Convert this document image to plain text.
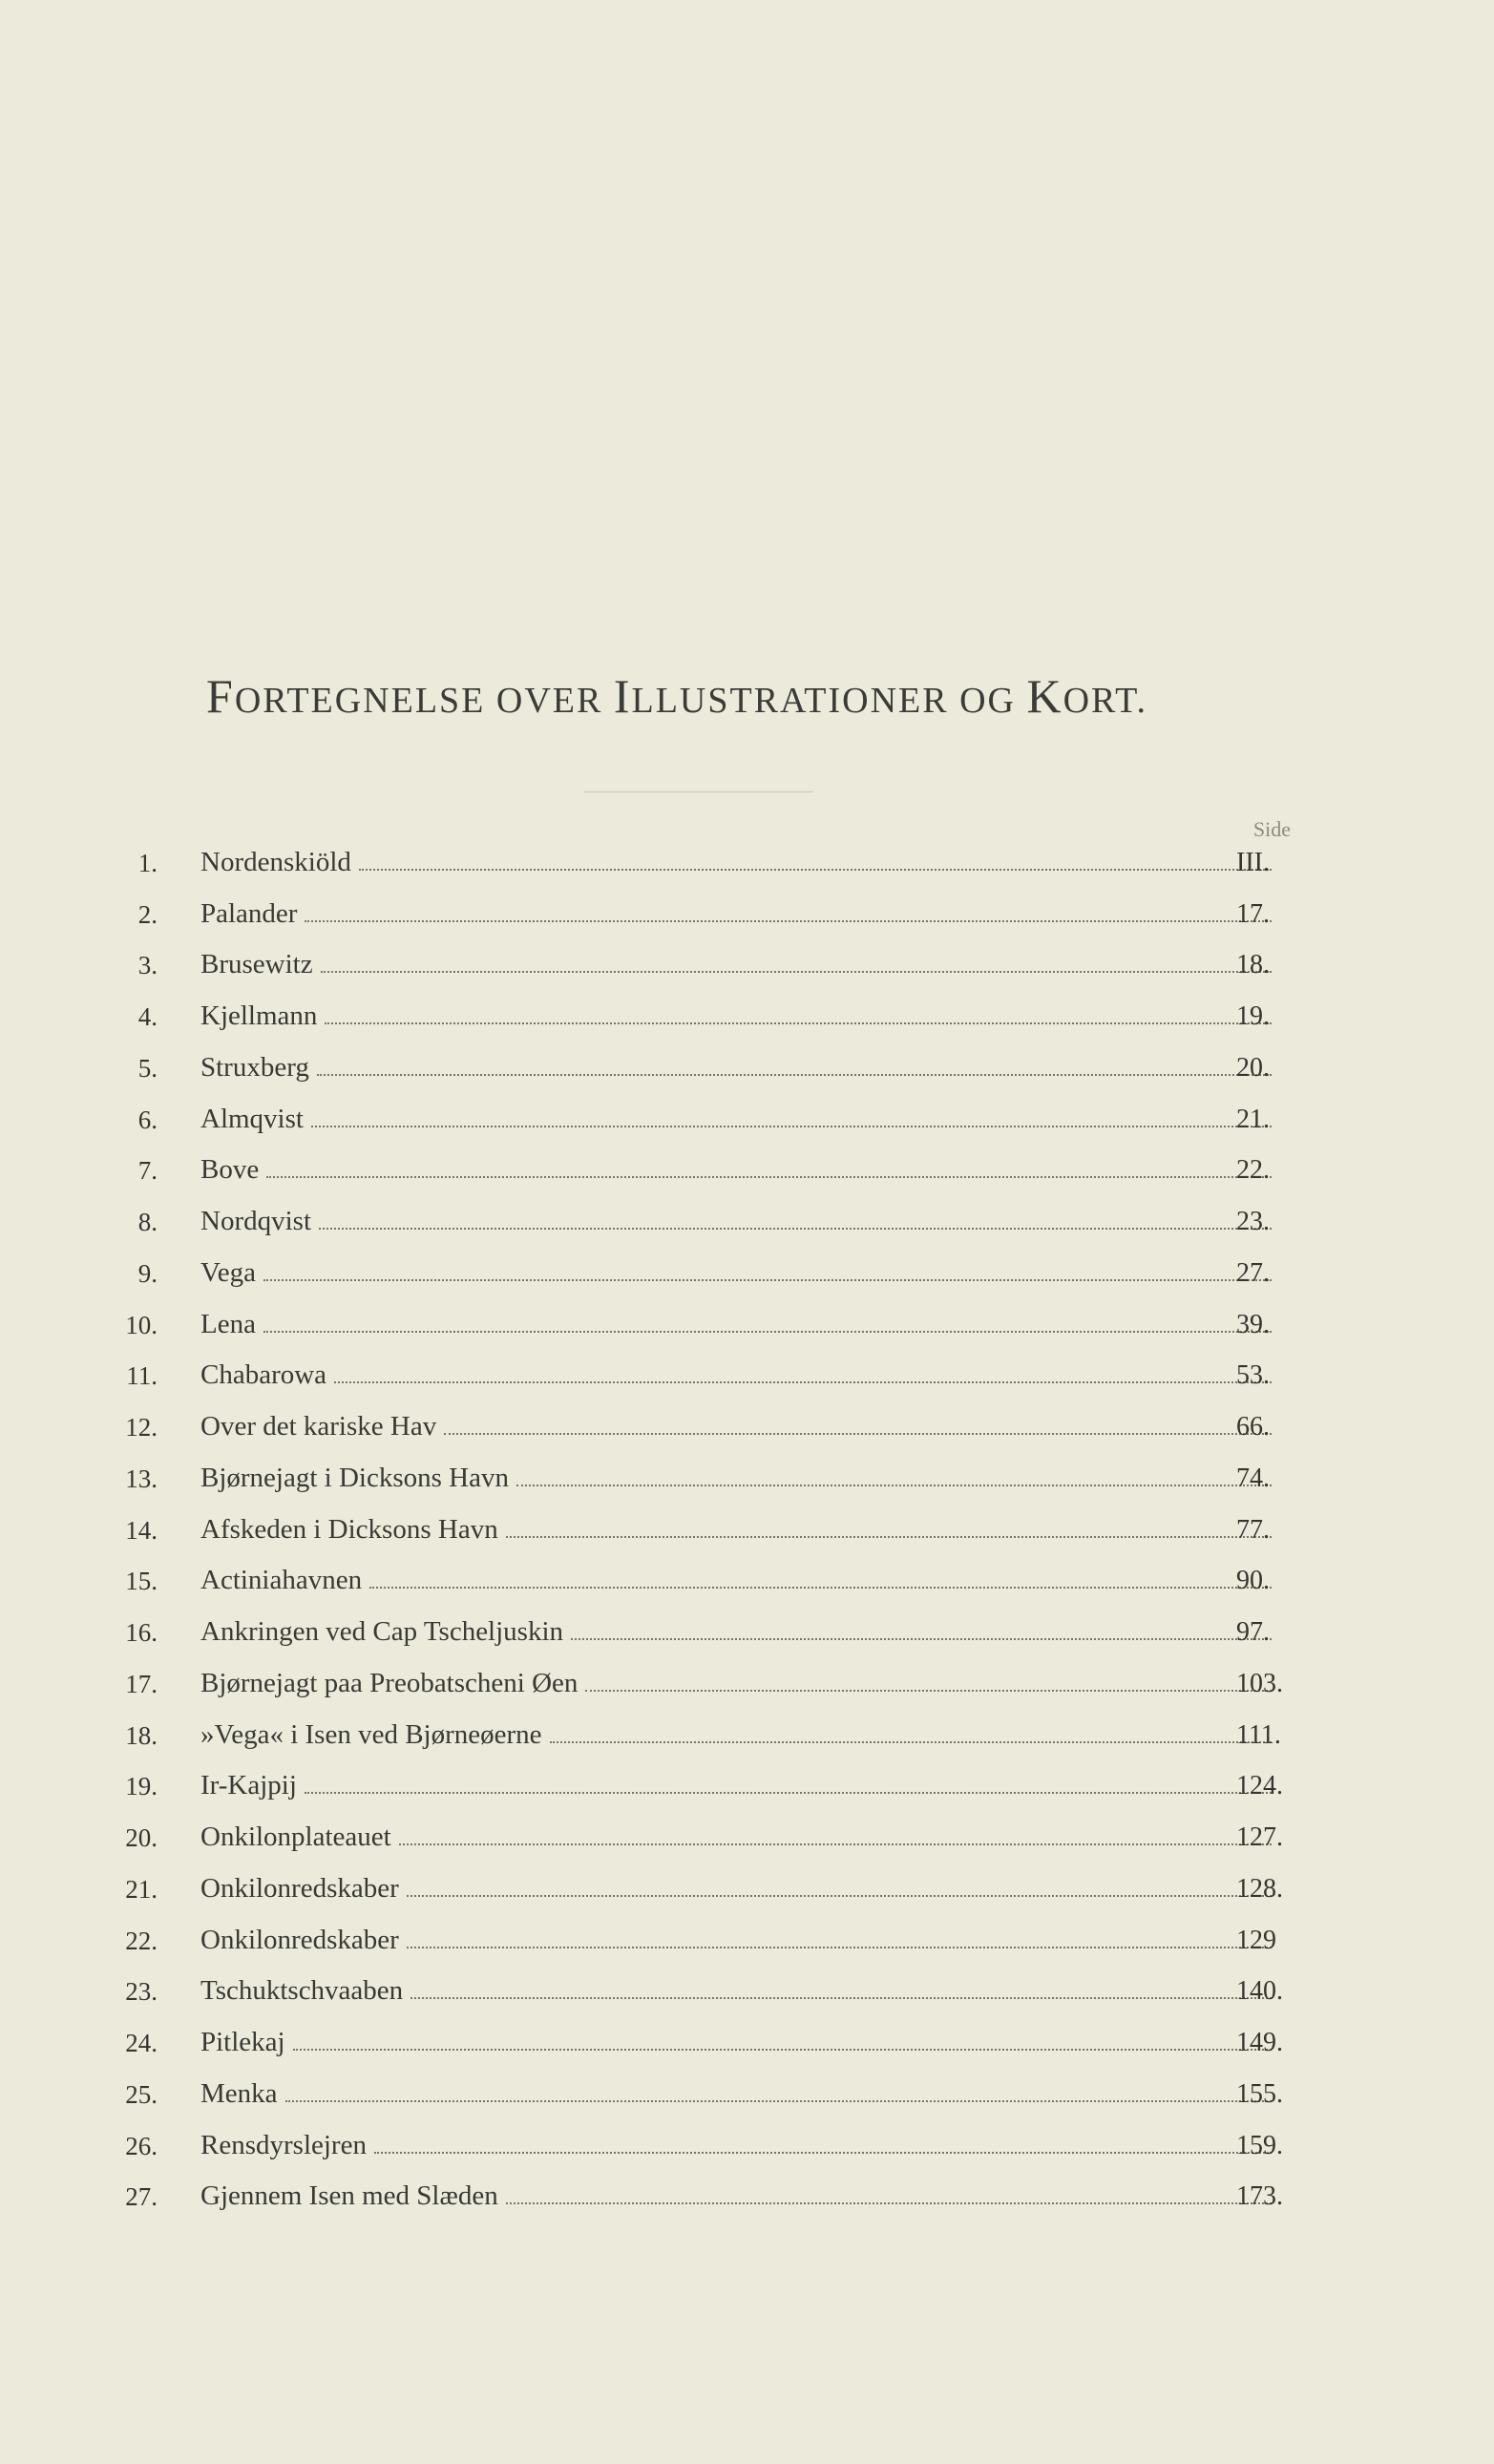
FORTEGNELSE OVER ILLUSTRATIONER OG KORT.
Side
1. Nordenskiöld	III.
2. Palander	17.
3. Brusewitz	18.
4. Kjellmann	19.
5. Struxberg	20.
6. Almqvist	21.
7. Bove	22.
8. Nordqvist	23.
9. Vega	27.
10. Lena	39.
11. Chabarowa	53.
12. Over det kariske Hav	66.
13. Bjørnejagt i Dicksons Havn	74.
14. Afskeden i Dicksons Havn	77.
15. Actiniahavnen	90.
16. Ankringen ved Cap Tscheljuskin	97.
17. Bjørnejagt paa Preobatscheni Øen	103.
18. »Vega« i Isen ved Bjørneøerne	111.
19. Ir-Kajpij	124.
20. Onkilonplateauet	127.
21. Onkilonredskaber	128.
22. Onkilonredskaber	129
23. Tschuktschvaaben	140.
24. Pitlekaj	149.
25. Menka	155.
26. Rensdyrslejren	159.
27. Gjennem Isen med Slæden	173.
